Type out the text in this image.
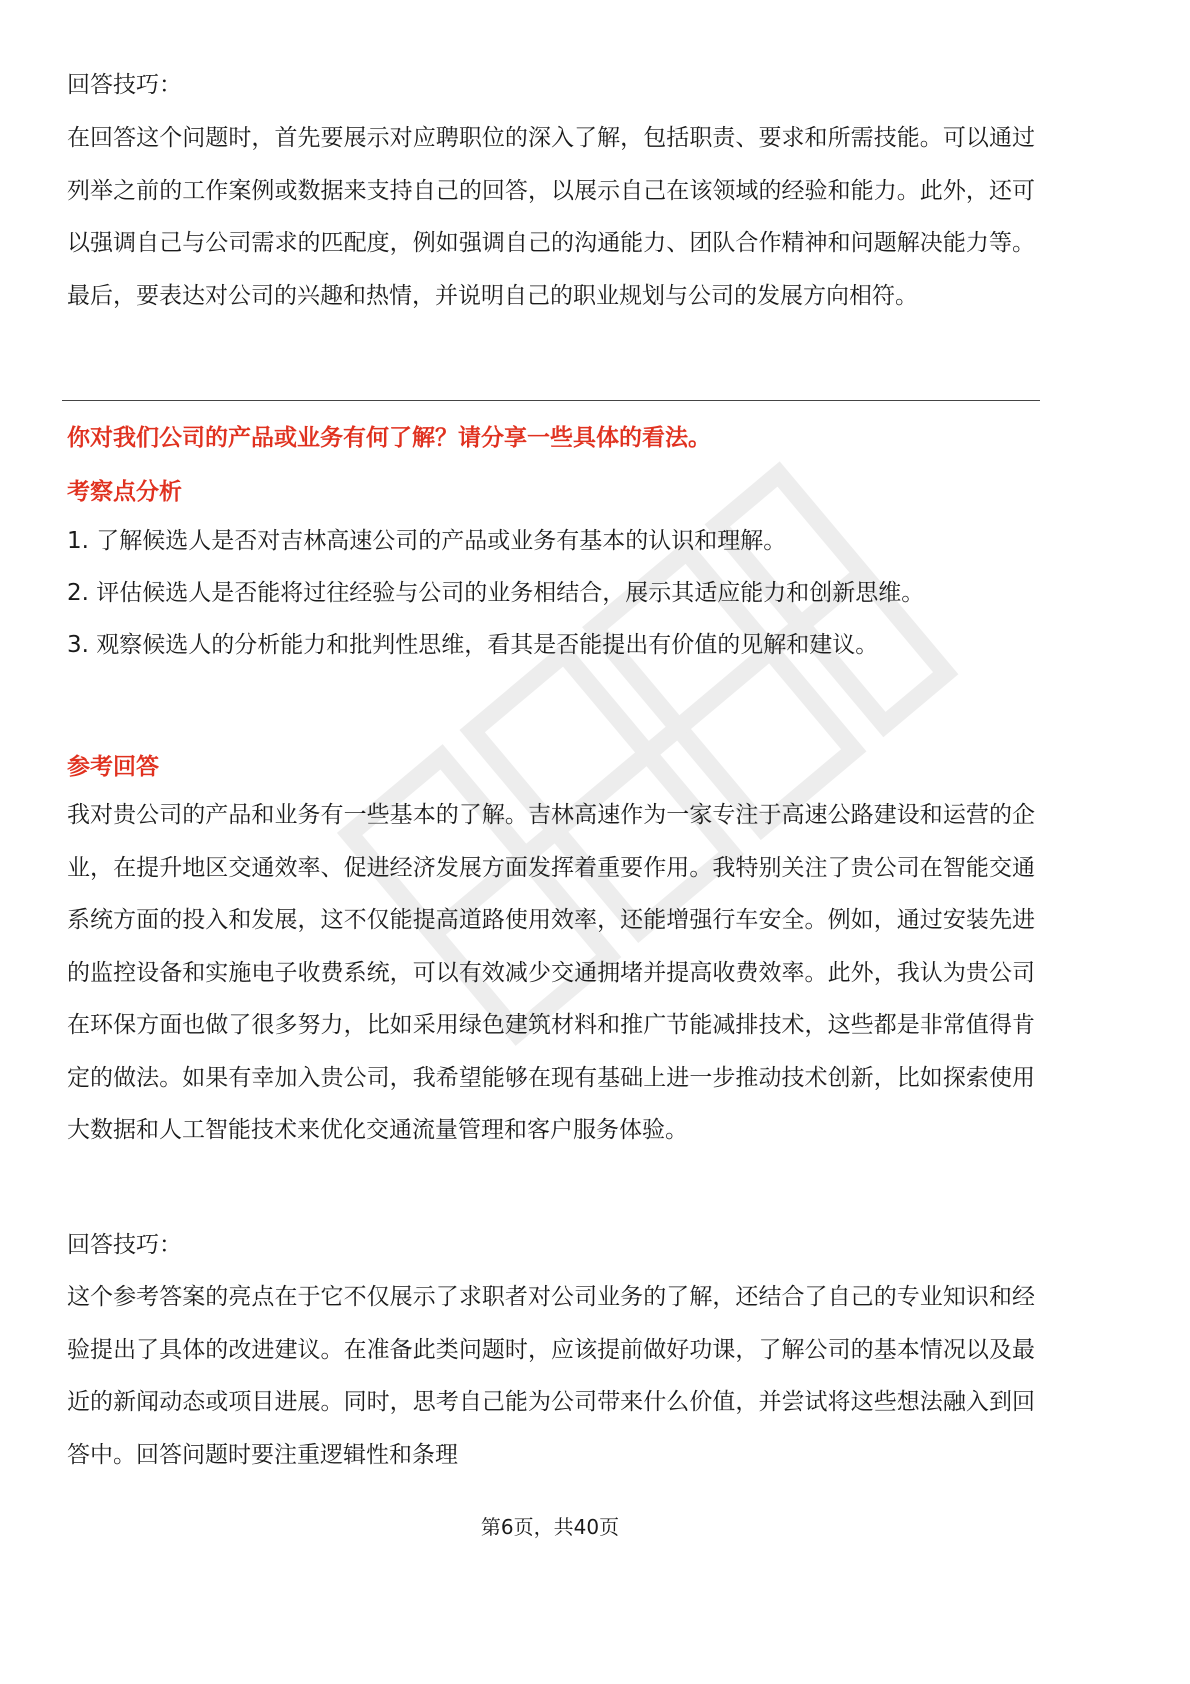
回答技巧：

在回答这个问题时，首先要展示对应聘职位的深入了解，包括职责、要求和所需技能。可以通过列举之前的工作案例或数据来支持自己的回答，以展示自己在该领域的经验和能力。此外，还可以强调自己与公司需求的匹配度，例如强调自己的沟通能力、团队合作精神和问题解决能力等。最后，要表达对公司的兴趣和热情，并说明自己的职业规划与公司的发展方向相符。

你对我们公司的产品或业务有何了解？请分享一些具体的看法。

考察点分析

1. 了解候选人是否对吉林高速公司的产品或业务有基本的认识和理解。

2. 评估候选人是否能将过往经验与公司的业务相结合，展示其适应能力和创新思维。

3. 观察候选人的分析能力和批判性思维，看其是否能提出有价值的见解和建议。

参考回答

我对贵公司的产品和业务有一些基本的了解。吉林高速作为一家专注于高速公路建设和运营的企业，在提升地区交通效率、促进经济发展方面发挥着重要作用。我特别关注了贵公司在智能交通系统方面的投入和发展，这不仅能提高道路使用效率，还能增强行车安全。例如，通过安装先进的监控设备和实施电子收费系统，可以有效减少交通拥堵并提高收费效率。此外，我认为贵公司在环保方面也做了很多努力，比如采用绿色建筑材料和推广节能减排技术，这些都是非常值得肯定的做法。如果有幸加入贵公司，我希望能够在现有基础上进一步推动技术创新，比如探索使用大数据和人工智能技术来优化交通流量管理和客户服务体验。

回答技巧：

这个参考答案的亮点在于它不仅展示了求职者对公司业务的了解，还结合了自己的专业知识和经验提出了具体的改进建议。在准备此类问题时，应该提前做好功课，了解公司的基本情况以及最近的新闻动态或项目进展。同时，思考自己能为公司带来什么价值，并尝试将这些想法融入到回答中。回答问题时要注重逻辑性和条理

第6页，共40页
